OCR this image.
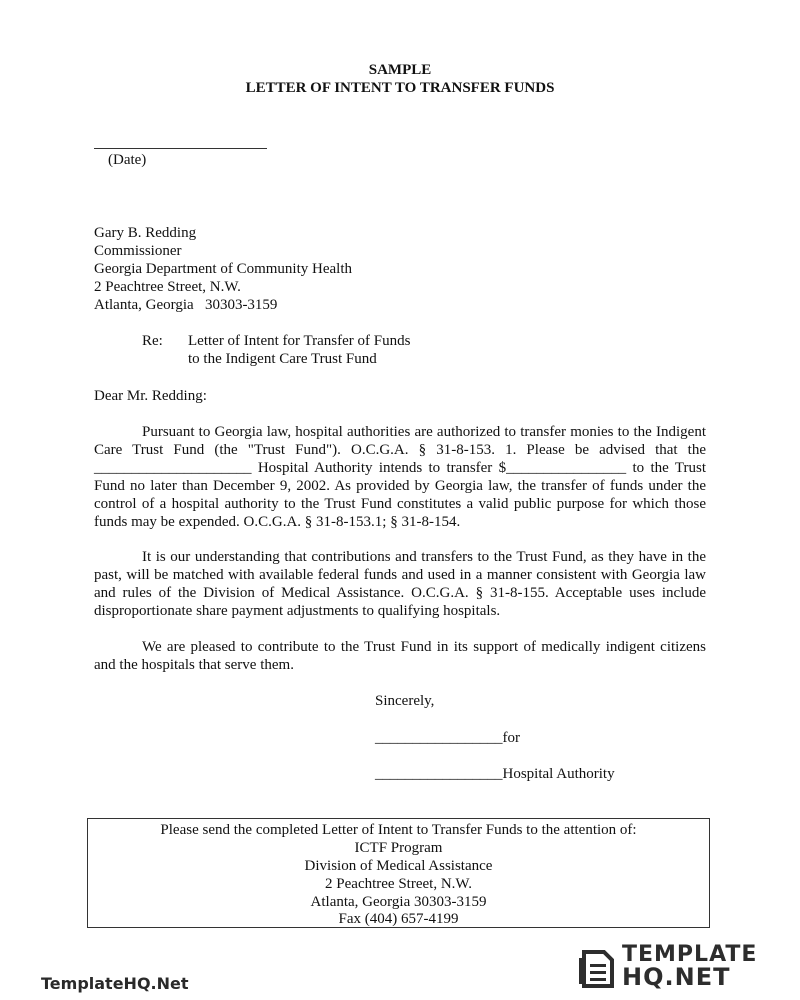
SAMPLE
LETTER OF INTENT TO TRANSFER FUNDS
(Date)
Gary B. Redding
Commissioner
Georgia Department of Community Health
2 Peachtree Street, N.W.
Atlanta, Georgia   30303-3159
Re: Letter of Intent for Transfer of Funds
to the Indigent Care Trust Fund
Dear Mr. Redding:
Pursuant to Georgia law, hospital authorities are authorized to transfer monies to the Indigent Care Trust Fund (the "Trust Fund"). O.C.G.A. § 31-8-153. 1. Please be advised that the _____________________ Hospital Authority intends to transfer $________________ to the Trust Fund no later than December 9, 2002. As provided by Georgia law, the transfer of funds under the control of a hospital authority to the Trust Fund constitutes a valid public purpose for which those funds may be expended. O.C.G.A. § 31-8-153.1; § 31-8-154.
It is our understanding that contributions and transfers to the Trust Fund, as they have in the past, will be matched with available federal funds and used in a manner consistent with Georgia law and rules of the Division of Medical Assistance. O.C.G.A. § 31-8-155. Acceptable uses include disproportionate share payment adjustments to qualifying hospitals.
We are pleased to contribute to the Trust Fund in its support of medically indigent citizens and the hospitals that serve them.
Sincerely,
_________________for
_________________Hospital Authority
Please send the completed Letter of Intent to Transfer Funds to the attention of:
ICTF Program
Division of Medical Assistance
2 Peachtree Street, N.W.
Atlanta, Georgia 30303-3159
Fax (404) 657-4199
TemplateHQ.Net
TEMPLATE
HQ.NET
